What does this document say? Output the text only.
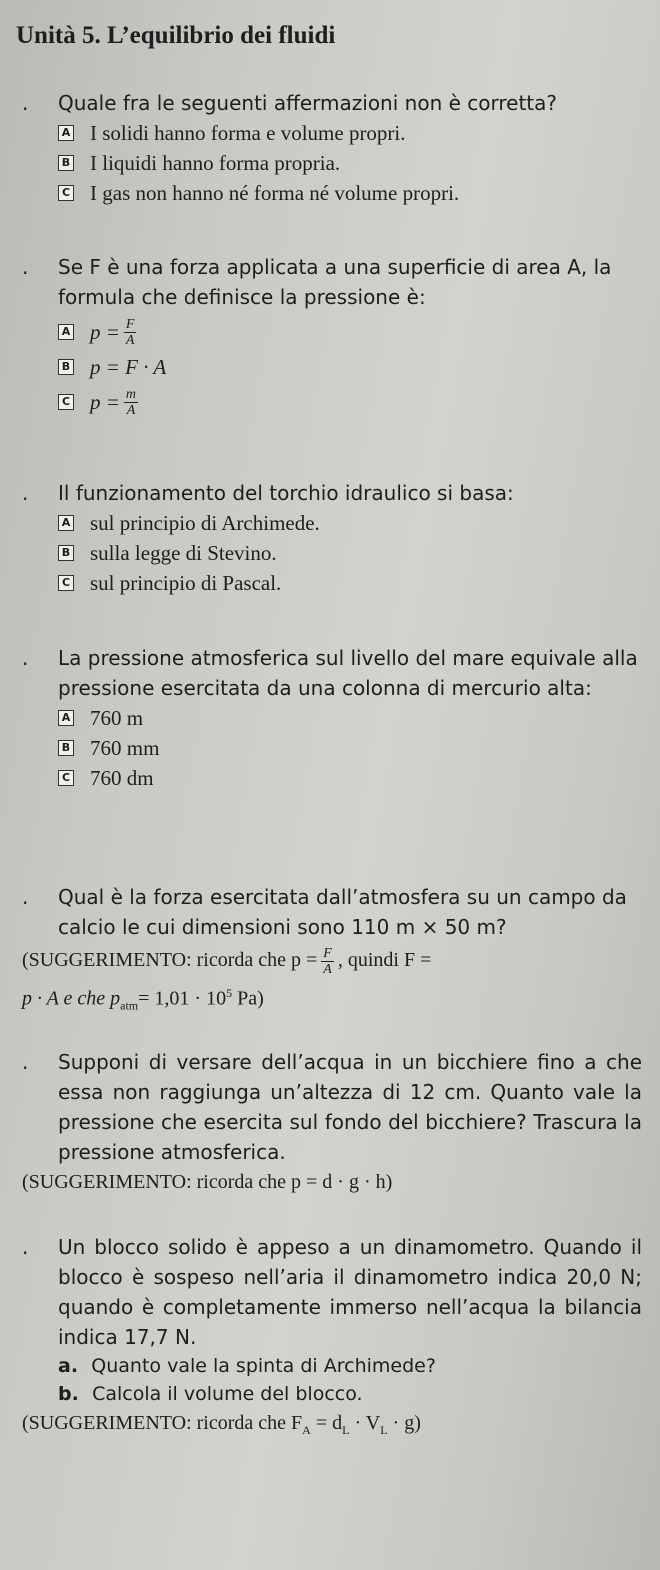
Unità 5. L’equilibrio dei fluidi
. Quale fra le seguenti affermazioni non è corretta?
A I solidi hanno forma e volume propri.
B I liquidi hanno forma propria.
C I gas non hanno né forma né volume propri.
. Se F è una forza applicata a una superficie di area A, la formula che definisce la pressione è:
A $p = \frac{F}{A}$
B p = F · A
C $p = \frac{m}{A}$
. Il funzionamento del torchio idraulico si basa:
A sul principio di Archimede.
B sulla legge di Stevino.
C sul principio di Pascal.
. La pressione atmosferica sul livello del mare equivale alla pressione esercitata da una colonna di mercurio alta:
A 760 m
B 760 mm
C 760 dm
. Qual è la forza esercitata dall’atmosfera su un campo da calcio le cui dimensioni sono 110 m × 50 m?
(SUGGERIMENTO: ricorda che $p = \frac{F}{A}$ , quindi F =
p · A e che $p_{atm}= 1,01 \cdot 10^5$ Pa)
. Supponi di versare dell’acqua in un bicchiere fino a che essa non raggiunga un’altezza di 12 cm. Quanto vale la pressione che esercita sul fondo del bicchiere? Trascura la pressione atmosferica.
(SUGGERIMENTO: ricorda che p = d · g · h)
. Un blocco solido è appeso a un dinamometro. Quando il blocco è sospeso nell’aria il dinamometro indica 20,0 N; quando è completamente immerso nell’acqua la bilancia indica 17,7 N.
a. Quanto vale la spinta di Archimede?
b. Calcola il volume del blocco.
(SUGGERIMENTO: ricorda che $F_A = d_L \cdot V_L \cdot g$)
